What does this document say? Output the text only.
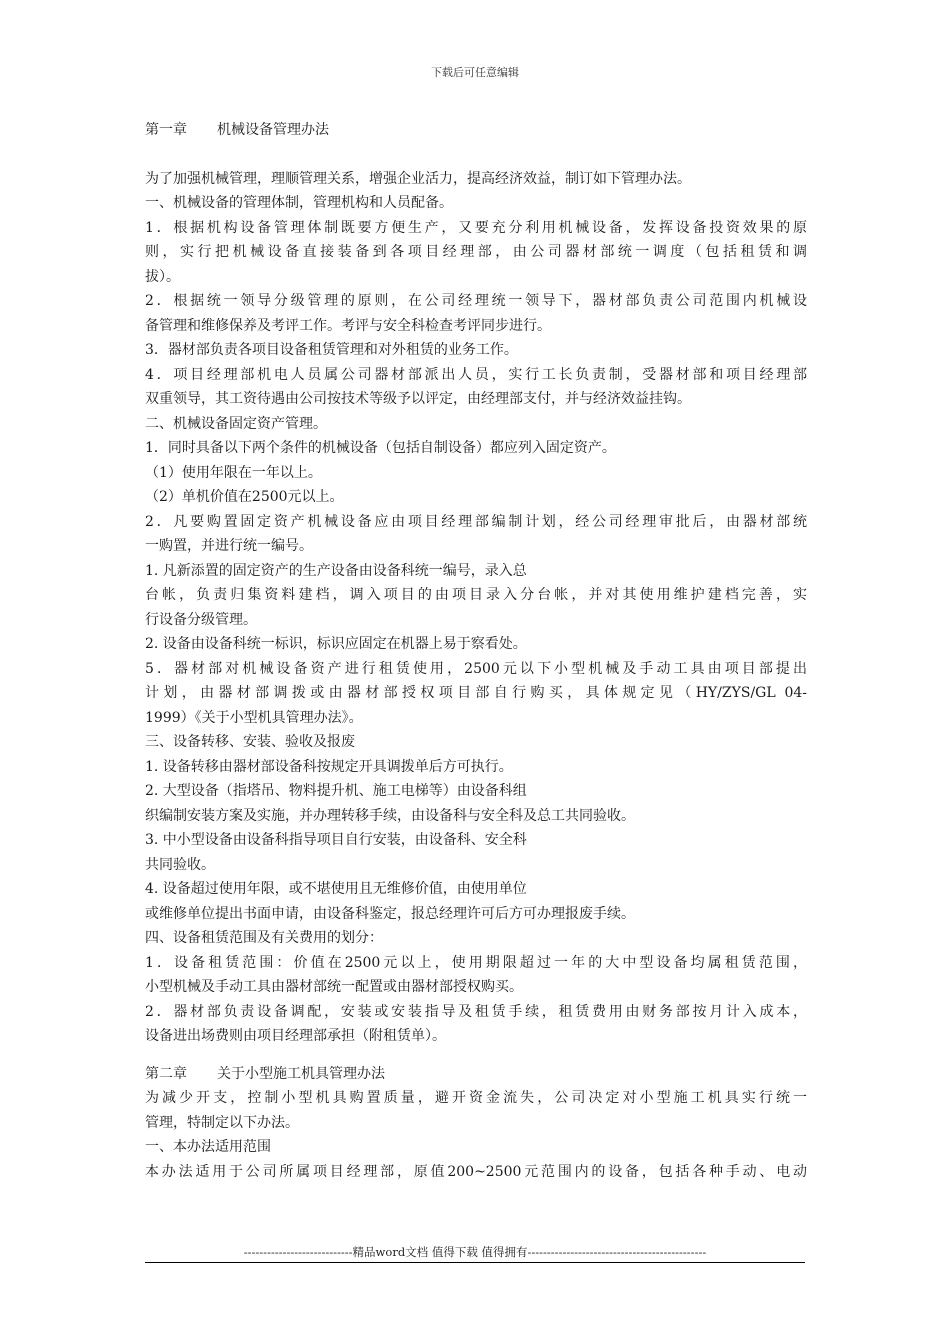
下载后可任意编辑
第一章 机械设备管理办法
为了加强机械管理，理顺管理关系，增强企业活力，提高经济效益，制订如下管理办法。
一、机械设备的管理体制，管理机构和人员配备。
1．根据机构设备管理体制既要方便生产，又要充分利用机械设备，发挥设备投资效果的原
则，实行把机械设备直接装备到各项目经理部，由公司器材部统一调度（包括租赁和调
拔）。
2．根据统一领导分级管理的原则，在公司经理统一领导下，器材部负责公司范围内机械设
备管理和维修保养及考评工作。考评与安全科检查考评同步进行。
3．器材部负责各项目设备租赁管理和对外租赁的业务工作。
4．项目经理部机电人员属公司器材部派出人员，实行工长负责制，受器材部和项目经理部
双重领导，其工资待遇由公司按技术等级予以评定，由经理部支付，并与经济效益挂钩。
二、机械设备固定资产管理。
1．同时具备以下两个条件的机械设备（包括自制设备）都应列入固定资产。
（1）使用年限在一年以上。
（2）单机价值在2500元以上。
2．凡要购置固定资产机械设备应由项目经理部编制计划，经公司经理审批后，由器材部统
一购置，并进行统一编号。
1. 凡新添置的固定资产的生产设备由设备科统一编号，录入总
台帐，负责归集资料建档，调入项目的由项目录入分台帐，并对其使用维护建档完善，实
行设备分级管理。
2. 设备由设备科统一标识，标识应固定在机器上易于察看处。
5．器材部对机械设备资产进行租赁使用，2500元以下小型机械及手动工具由项目部提出
计划，由器材部调拨或由器材部授权项目部自行购买，具体规定见（HY/ZYS/GL 04-
1999）《关于小型机具管理办法》。
三、设备转移、安装、验收及报废
1. 设备转移由器材部设备科按规定开具调拨单后方可执行。
2. 大型设备（指塔吊、物料提升机、施工电梯等）由设备科组
织编制安装方案及实施，并办理转移手续，由设备科与安全科及总工共同验收。
3. 中小型设备由设备科指导项目自行安装，由设备科、安全科
共同验收。
4. 设备超过使用年限，或不堪使用且无维修价值，由使用单位
或维修单位提出书面申请，由设备科鉴定，报总经理许可后方可办理报废手续。
四、设备租赁范围及有关费用的划分：
1．设备租赁范围：价值在2500元以上，使用期限超过一年的大中型设备均属租赁范围，
小型机械及手动工具由器材部统一配置或由器材部授权购买。
2．器材部负责设备调配，安装或安装指导及租赁手续，租赁费用由财务部按月计入成本，
设备进出场费则由项目经理部承担（附租赁单）。
第二章 关于小型施工机具管理办法
为减少开支，控制小型机具购置质量，避开资金流失，公司决定对小型施工机具实行统一
管理，特制定以下办法。
一、本办法适用范围
本办法适用于公司所属项目经理部，原值200~2500元范围内的设备，包括各种手动、电动
----------------------------精品word文档 值得下载 值得拥有----------------------------------------------
